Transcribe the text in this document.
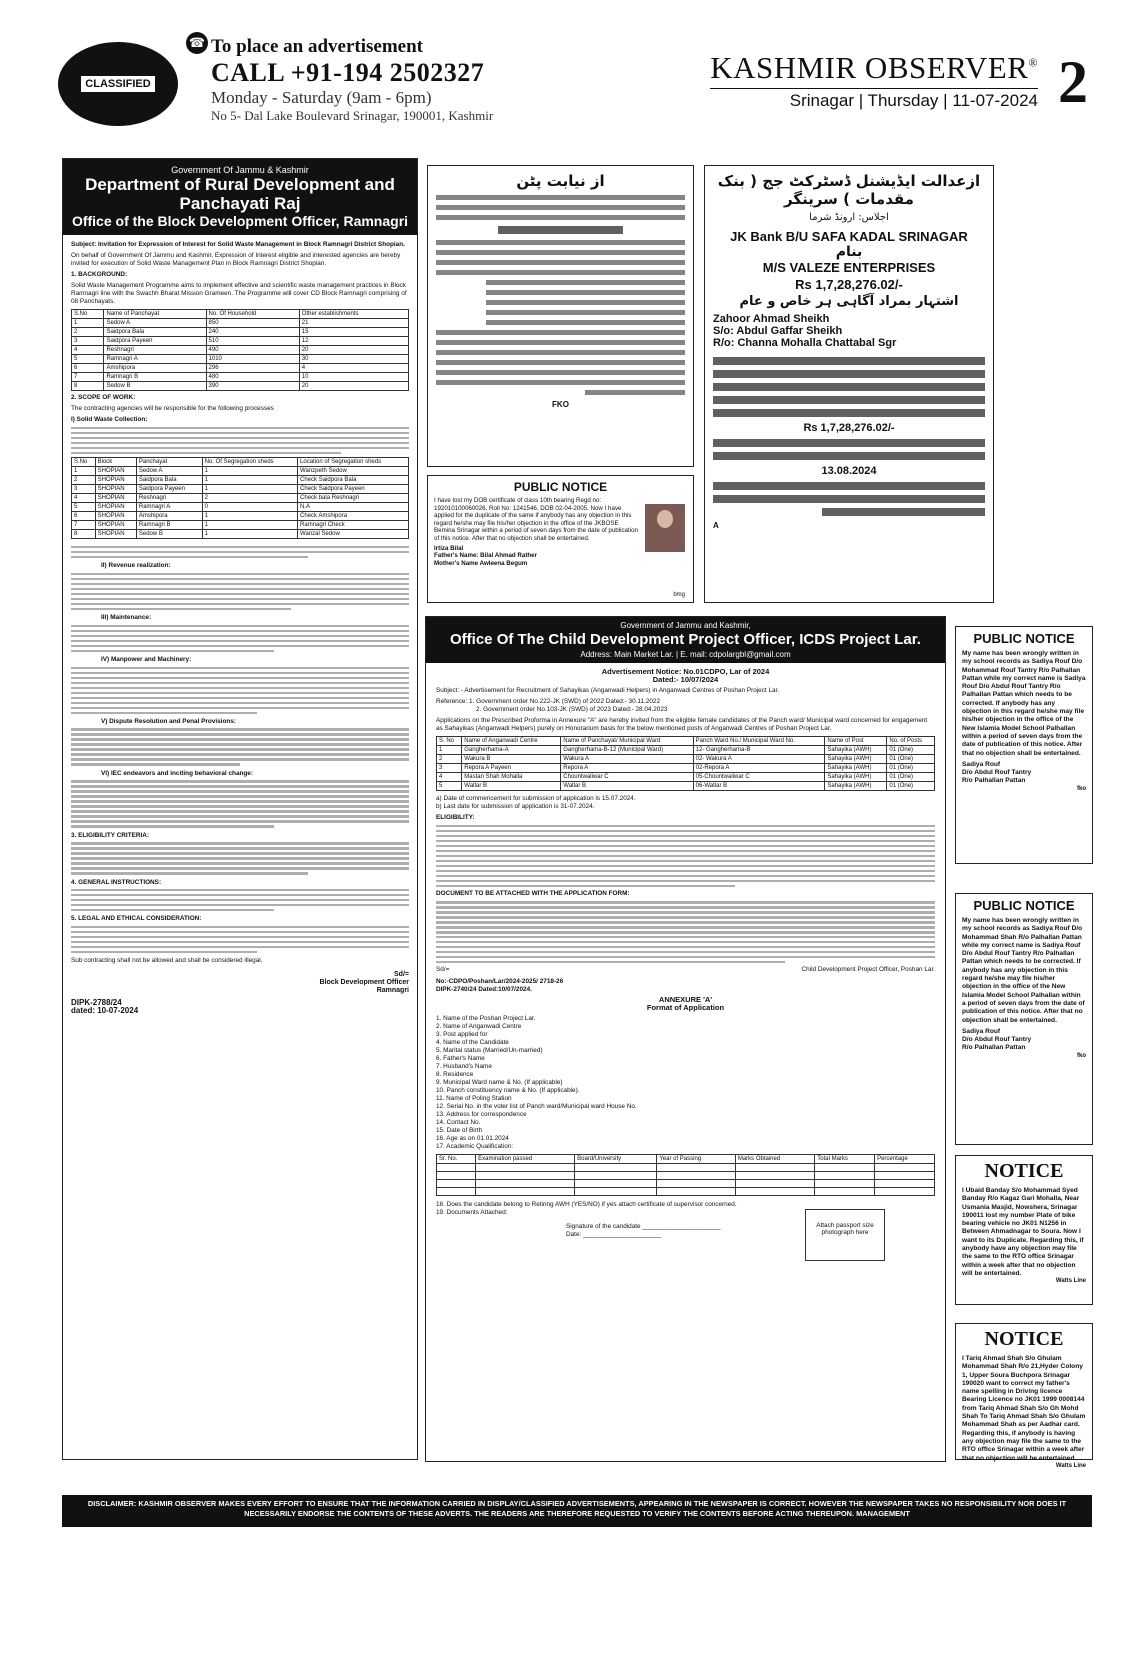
CLASSIFIED
☎ To place an advertisement
CALL +91-194 2502327
Monday - Saturday (9am - 6pm)
No 5- Dal Lake Boulevard Srinagar, 190001, Kashmir
KASHMIR OBSERVER®
Srinagar | Thursday | 11-07-2024 2
Government Of Jammu & Kashmir
Department of Rural Development and Panchayati Raj
Office of the Block Development Officer, Ramnagri
Subject: Invitation for Expression of Interest for Solid Waste Management in Block Ramnagri District Shopian.
On behalf of Government Of Jammu and Kashmir, Expression of Interest eligible and interested agencies are hereby invited for execution of Solid Waste Management Plan in Block Ramnagri District Shopian.
1. BACKGROUND:
Solid Waste Management Programme aims to implement effective and scientific waste management practices in Block Ramnagri line with the Swachh Bharat Mission Grameen. The Programme will cover CD Block Ramnagri comprising of 08 Panchayats.
S.No	Name of Panchayat	No. Of Household	Other establishments
1	Sedow A	850	21
2	Saidpora Bala	240	15
3	Saidpora Payeen	510	12
4	Reshnagri	490	20
5	Ramnagri A	1010	30
6	Amshipora	296	4
7	Ramnagri B	480	10
8	Sedow B	390	20
2. SCOPE OF WORK:
The contracting agencies will be responsible for the following processes
I) Solid Waste Collection:
S.No	Block	Panchayat	No. Of Segregation sheds	Location of Segregation sheds
1	SHOPIAN	Sedow A	1	Wanzpeth Sedow
2	SHOPIAN	Saidpora Bala	1	Check Saidpora Bala
3	SHOPIAN	Saidpora Payeen	1	Check Saidpora Payeen
4	SHOPIAN	Reshnagri	2	Check bala Reshnagri
5	SHOPIAN	Ramnagri A	0	N.A
6	SHOPIAN	Amshipora	1	Check Amshipora
7	SHOPIAN	Ramnagri B	1	Ramnagri Check
8	SHOPIAN	Sedow B	1	Wanzal Sedow
II) Revenue realization:
III) Maintenance:
IV) Manpower and Machinery:
V) Dispute Resolution and Penal Provisions:
VI) IEC endeavors and inciting behavioral change:
3. ELIGIBILITY CRITERIA:
4. GENERAL INSTRUCTIONS:
5. LEGAL AND ETHICAL CONSIDERATION:
Sub contracting shall not be allowed and shall be considered illegal.
Sd/=
Block Development Officer
Ramnagri
DIPK-2788/24
dated: 10-07-2024
از نیابت پٹن
FKO
ازعدالت ایڈیشنل ڈسٹرکٹ جج ( بنک مقدمات ) سرینگر
اجلاس: ارونڈ شرما
JK Bank B/U SAFA KADAL SRINAGAR
بنام
M/S VALEZE ENTERPRISES
Rs 1,7,28,276.02/-
اشتہار بمراد آگاہی ہر خاص و عام
Zahoor Ahmad Sheikh
S/o: Abdul Gaffar Sheikh
R/o: Channa Mohalla Chattabal Sgr
Rs 1,7,28,276.02/-
13.08.2024
A
PUBLIC NOTICE
I have lost my DOB certificate of class 10th bearing Regd no: 192010100060026, Roll No: 1241546, DOB 02-04-2005. Now I have applied for the duplicate of the same if anybody has any objection in this regard he/she may file his/her objection in the office of the JKBOSE Bemina Srinagar within a period of seven days from the date of publication of this notice. After that no objection shall be entertained.
Irtiza Bilal
Father's Name: Bilal Ahmad Rather
Mother's Name Awleena Begum
bmg
Government of Jammu and Kashmir,
Office Of The Child Development Project Officer, ICDS Project Lar.
Address: Main Market Lar. | E. mail: cdpolargbl@gmail.com
Advertisement Notice: No.01CDPO, Lar of 2024
Dated:- 10/07/2024
Subject: - Advertisement for Recruitment of Sahayikas (Anganwadi Helpers) in Anganwadi Centres of Poshan Project Lar.
Reference: 1. Government order No.222-JK (SWD) of 2022 Dated:- 30.11.2022
2. Government order No.103-JK (SWD) of 2023 Dated:- 28.04.2023
Applications on the Prescribed Proforma in Annexure "A" are hereby invited from the eligible female candidates of the Panch ward/ Municipal ward concerned for engagement as Sahayikas (Anganwadi Helpers) purely on Honorarium basis for the below mentioned posts of Anganwadi Centres of Poshan Project Lar.
S. No	Name of Anganwadi Centre	Name of Panchayat/ Municipal Ward	Panch Ward No./ Municipal Ward No.	Name of Post	No. of Posts
1	Gangherhama-A	Gangherhama-B-12 (Municipal Ward)	12- Gangherhama-B	Sahayika (AWH)	01 (One)
2	Wakura B	Wakura A	02- Wakura A	Sahayika (AWH)	01 (One)
3	Repora A Payeen	Repora A	02-Repora A	Sahayika (AWH)	01 (One)
4	Mastan Shah Mohalla	Chountwaliwar C	05-Chountwaliwar C	Sahayika (AWH)	01 (One)
5	Watlar B	Watlar B	06-Watlar B	Sahayika (AWH)	01 (One)
a) Date of commencement for submission of application is 15.07.2024.
b) Last date for submission of application is 31-07.2024.
ELIGIBILITY:
DOCUMENT TO BE ATTACHED WITH THE APPLICATION FORM:
Sd/=	Child Development Project Officer, Poshan Lar.
No:-CDPO/Poshan/Lar/2024-2025/ 2718-26
DIPK-2740/24 Dated:10/07/2024.
ANNEXURE 'A'
Format of Application
1. Name of the Poshan Project Lar.
2. Name of Anganwadi Centre
3. Post applied for
4. Name of the Candidate
5. Marital status (Married/Un-married)
6. Father's Name
7. Husband's Name
8. Residence
9. Municipal Ward name & No. (If applicable)
10. Panch constituency name & No. (If applicable).
11. Name of Poling Station
12. Serial No. in the voter list of Panch ward/Municipal ward House No.
13. Address for correspondence
14. Contact No.
15. Date of Birth
16. Age as on 01.01.2024
17. Academic Qualification:
Sr. No.	Examination passed	Board/University	Year of Passing	Marks Obtained	Total Marks	Percentage

18. Does the candidate belong to Retiring AWH (YES/NO) if yes attach certificate of supervisor concerned.
19. Documents Attached:
Signature of the candidate ______________________
Date: ______________________
Attach passport size photograph here
PUBLIC NOTICE
My name has been wrongly written in my school records as Sadiya Rouf D/o Mohammad Rouf Tantry R/o Palhallan Pattan while my correct name is Sadiya Rouf D/o Abdul Rouf Tantry R/o Palhallan Pattan which needs to be corrected. If anybody has any objection in this regard he/she may file his/her objection in the office of the New Islamia Model School Palhallan within a period of seven days from the date of publication of this notice. After that no objection shall be entertained.
Sadiya Rouf
D/o Abdul Rouf Tantry
R/o Palhallan Pattan
fko
PUBLIC NOTICE
My name has been wrongly written in my school records as Sadiya Rouf D/o Mohammad Shah R/o Palhallan Pattan while my correct name is Sadiya Rouf D/o Abdul Rouf Tantry R/o Palhallan Pattan which needs to be corrected. If anybody has any objection in this regard he/she may file his/her objection in the office of the New Islamia Model School Palhallan within a period of seven days from the date of publication of this notice. After that no objection shall be entertained.
Sadiya Rouf
D/o Abdul Rouf Tantry
R/o Palhallan Pattan
fko
NOTICE
I Ubaid Banday S/o Mohammad Syed Banday R/o Kagaz Gari Mohalla, Near Usmania Masjid, Nowshera, Srinagar 190011 lost my number Plate of bike bearing vehicle no JK01 N1256 in Between Ahmadnagar to Soura. Now I want to its Duplicate. Regarding this, if anybody have any objection may file the same to the RTO office Srinagar within a week after that no objection will be entertained.
Watts Line
NOTICE
I Tariq Ahmad Shah S/o Ghulam Mohammad Shah R/o 21,Hyder Colony 1, Upper Soura Buchpora Srinagar 190020 want to correct my father's name spelling in Driving licence Bearing Licence no JK01 1999 0008144 from Tariq Ahmad Shah S/o Gh Mohd Shah To Tariq Ahmad Shah S/o Ghulam Mohammad Shah as per Aadhar card. Regarding this, if anybody is having any objection may file the same to the RTO office Srinagar within a week after that no objection will be entertained.
Watts Line
DISCLAIMER: KASHMIR OBSERVER MAKES EVERY EFFORT TO ENSURE THAT THE INFORMATION CARRIED IN DISPLAY/CLASSIFIED ADVERTISEMENTS, APPEARING IN THE NEWSPAPER IS CORRECT. HOWEVER THE NEWSPAPER TAKES NO RESPONSIBILITY NOR DOES IT NECESSARILY ENDORSE THE CONTENTS OF THESE ADVERTS. THE READERS ARE THEREFORE REQUESTED TO VERIFY THE CONTENTS BEFORE ACTING THEREUPON. MANAGEMENT
